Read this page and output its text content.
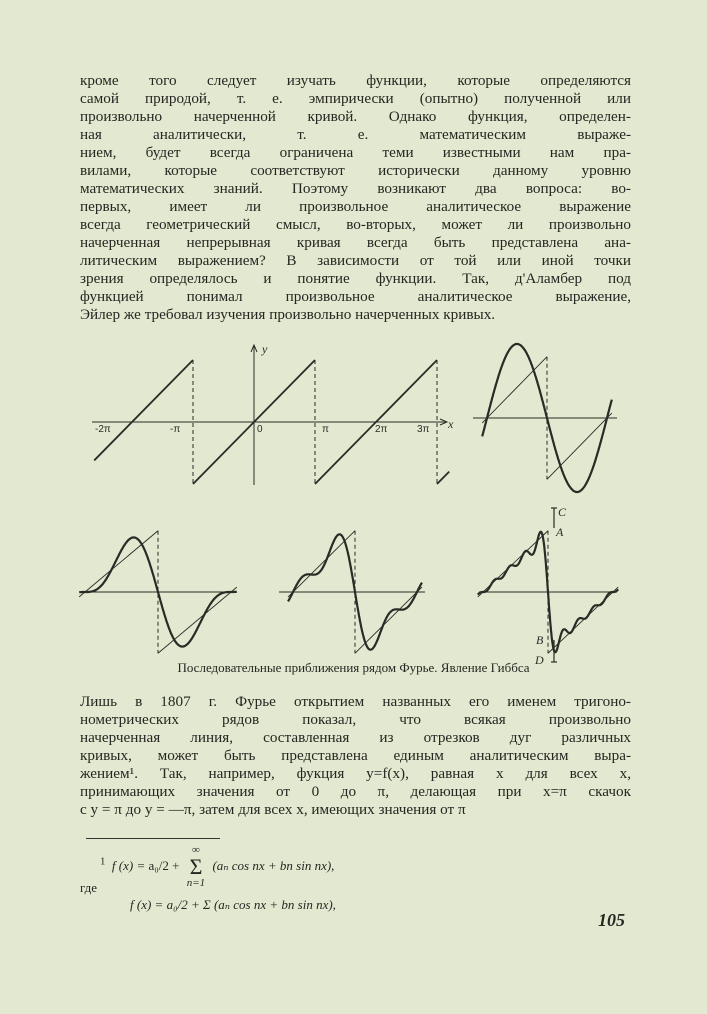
кроме того следует изучать функции, которые определяются
самой природой, т. е. эмпирически (опытно) полученной или
произвольно начерченной кривой. Однако функция, определен-
ная аналитически, т. е. математическим выраже-
нием, будет всегда ограничена теми известными нам пра-
вилами, которые соответствуют исторически данному уровню
математических знаний. Поэтому возникают два вопроса: во-
первых, имеет ли произвольное аналитическое выражение
всегда геометрический смысл, во-вторых, может ли произвольно
начерченная непрерывная кривая всегда быть представлена ана-
литическим выражением? В зависимости от той или иной точки
зрения определялось и понятие функции. Так, д'Аламбер под
функцией понимал произвольное аналитическое выражение,
Эйлер же требовал изучения произвольно начерченных кривых.
y
x
-2π	-π	0	π	2π	3π
C
A
B
D
Последовательные приближения рядом Фурье. Явление Гиббса
Лишь в 1807 г. Фурье открытием названных его именем тригоно-
нометрических рядов показал, что всякая произвольно
начерченная линия, составленная из отрезков дуг различных
кривых, может быть представлена единым аналитическим выра-
жением¹. Так, например, фукция y=f(x), равная x для всех x,
принимающих значения от 0 до π, делающая при x=π скачок
с y = π до y = —π, затем для всех x, имеющих значения от π
$^1$ f (x) = a₀/2 +
∞
Σ
n=1
(aₙ cos nx + bn sin nx),
где
f (x) = a₀/2 + Σ (aₙ cos nx + bn sin nx),
105
